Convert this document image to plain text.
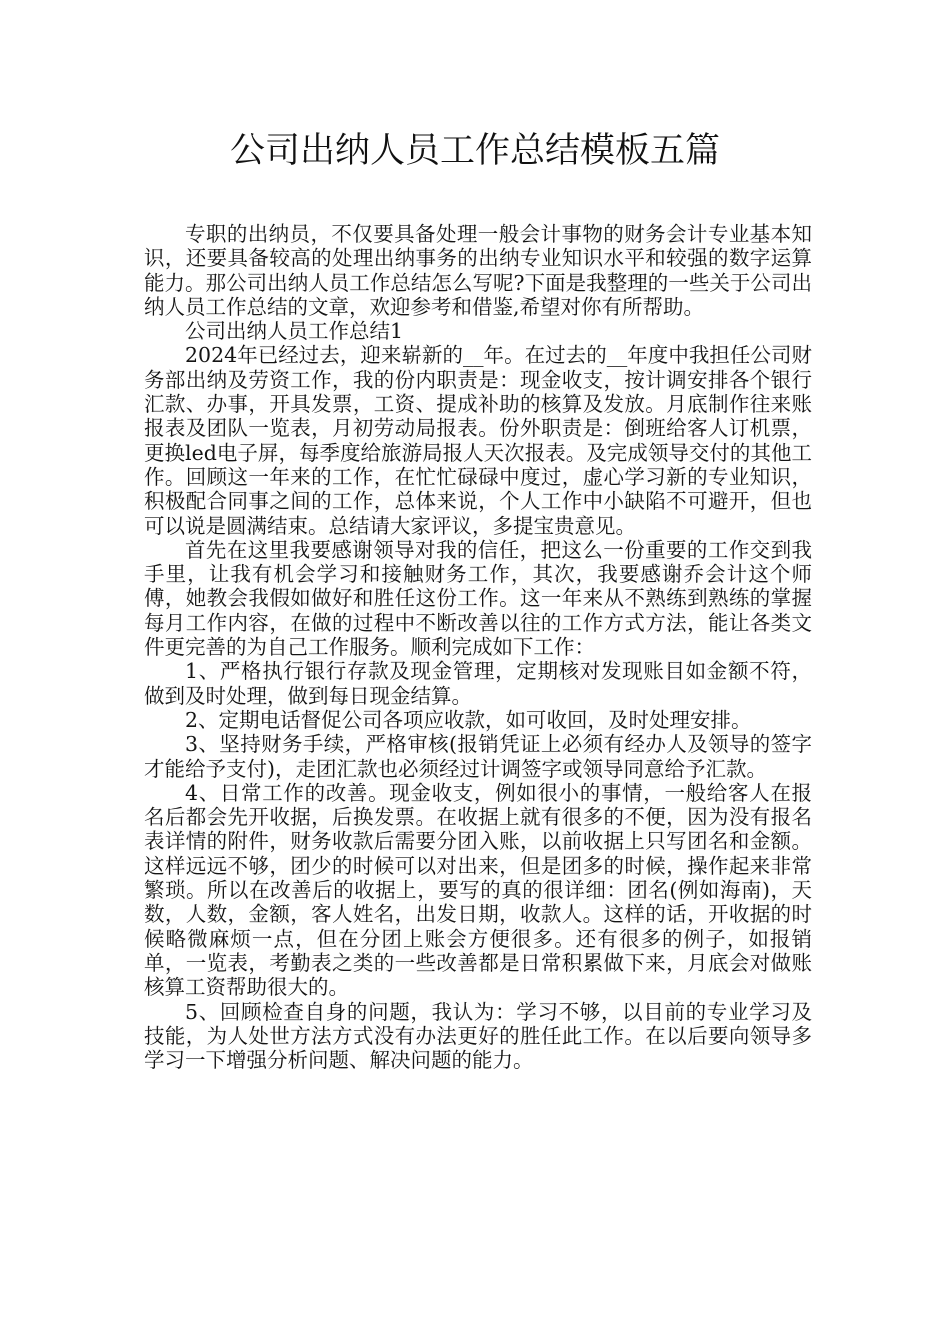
公司出纳人员工作总结模板五篇

专职的出纳员，不仅要具备处理一般会计事物的财务会计专业基本知识，还要具备较高的处理出纳事务的出纳专业知识水平和较强的数字运算能力。那公司出纳人员工作总结怎么写呢?下面是我整理的一些关于公司出纳人员工作总结的文章，欢迎参考和借鉴,希望对你有所帮助。

公司出纳人员工作总结1

2024年已经过去，迎来崭新的__年。在过去的__年度中我担任公司财务部出纳及劳资工作，我的份内职责是：现金收支，按计调安排各个银行汇款、办事，开具发票，工资、提成补助的核算及发放。月底制作往来账报表及团队一览表，月初劳动局报表。份外职责是：倒班给客人订机票，更换led电子屏，每季度给旅游局报人天次报表。及完成领导交付的其他工作。回顾这一年来的工作，在忙忙碌碌中度过，虚心学习新的专业知识，积极配合同事之间的工作，总体来说，个人工作中小缺陷不可避开，但也可以说是圆满结束。总结请大家评议，多提宝贵意见。

首先在这里我要感谢领导对我的信任，把这么一份重要的工作交到我手里，让我有机会学习和接触财务工作，其次，我要感谢乔会计这个师傅，她教会我假如做好和胜任这份工作。这一年来从不熟练到熟练的掌握每月工作内容，在做的过程中不断改善以往的工作方式方法，能让各类文件更完善的为自己工作服务。顺利完成如下工作：

1、严格执行银行存款及现金管理，定期核对发现账目如金额不符，做到及时处理，做到每日现金结算。

2、定期电话督促公司各项应收款，如可收回，及时处理安排。

3、坚持财务手续，严格审核(报销凭证上必须有经办人及领导的签字才能给予支付)，走团汇款也必须经过计调签字或领导同意给予汇款。

4、日常工作的改善。现金收支，例如很小的事情，一般给客人在报名后都会先开收据，后换发票。在收据上就有很多的不便，因为没有报名表详情的附件，财务收款后需要分团入账，以前收据上只写团名和金额。这样远远不够，团少的时候可以对出来，但是团多的时候，操作起来非常繁琐。所以在改善后的收据上，要写的真的很详细：团名(例如海南)，天数，人数，金额，客人姓名，出发日期，收款人。这样的话，开收据的时候略微麻烦一点，但在分团上账会方便很多。还有很多的例子，如报销单，一览表，考勤表之类的一些改善都是日常积累做下来，月底会对做账核算工资帮助很大的。

5、回顾检查自身的问题，我认为：学习不够，以目前的专业学习及技能，为人处世方法方式没有办法更好的胜任此工作。在以后要向领导多学习一下增强分析问题、解决问题的能力。
